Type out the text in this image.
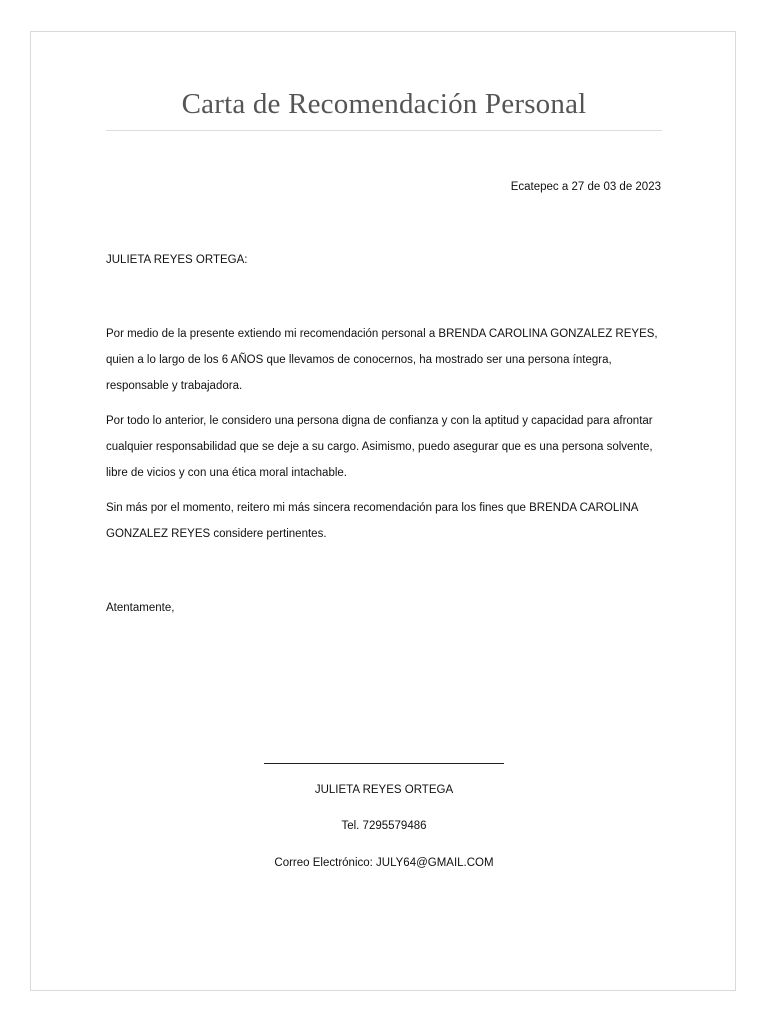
Carta de Recomendación Personal
Ecatepec a 27 de 03 de 2023
JULIETA REYES ORTEGA:

Por medio de la presente extiendo mi recomendación personal a BRENDA CAROLINA GONZALEZ REYES, quien a lo largo de los 6 AÑOS que llevamos de conocernos, ha mostrado ser una persona íntegra, responsable y trabajadora.

Por todo lo anterior, le considero una persona digna de confianza y con la aptitud y capacidad para afrontar cualquier responsabilidad que se deje a su cargo. Asimismo, puedo asegurar que es una persona solvente, libre de vicios y con una ética moral intachable.

Sin más por el momento, reitero mi más sincera recomendación para los fines que BRENDA CAROLINA GONZALEZ REYES considere pertinentes.

Atentamente,
JULIETA REYES ORTEGA
Tel. 7295579486
Correo Electrónico: JULY64@GMAIL.COM
